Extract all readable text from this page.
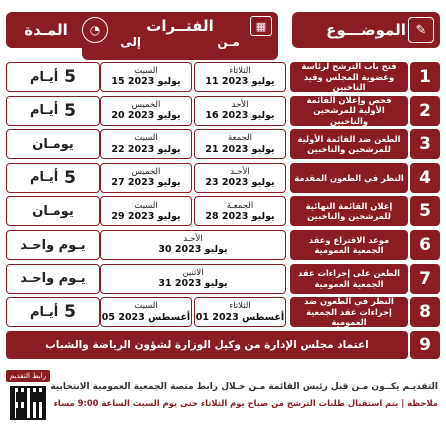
✎
الموضـــوع
▦
الفتــرات
إلى	مـن
◔
المـدة
1
فتح باب الترشح لرئاسة وعضوية المجلس وقيد الناخبين
الثلاثاء
11 يوليو 2023
السبت
15 يوليو 2023
أيـام 5
2
فحص وإعلان القائمة الأولية للمرشحين والناخبين
الأحد
16 يوليو 2023
الخميس
20 يوليو 2023
أيـام 5
3
الطعن ضد القائمة الأولية للمرشحين والناخبين
الجمعة
21 يوليو 2023
السبت
22 يوليو 2023
يومـان
4
النظر في الطعون المقدمة
الأحـد
23 يوليو 2023
الخميس
27 يوليو 2023
أيـام 5
5
إعلان القائمة النهائية للمرشحين والناخبين
الجمعـة
28 يوليو 2023
السبت
29 يوليو 2023
يومـان
6
موعد الاقتراع وعقد الجمعية العمومية
الأحـد
30 يوليو 2023
يـوم واحـد
7
الطعن على إجراءات عقد الجمعية العمومية
الاثنين
31 يوليو 2023
يـوم واحـد
8
النظر في الطعون ضد إجراءات عقد الجمعية العمومية
الثلاثاء
01 أغسطس 2023
السبت
05 أغسطس 2023
أيـام 5
9
اعتماد مجلس الإدارة من وكيل الوزارة لشؤون الرياضة والشباب
رابط التقديم
التقديـم يكــون مـن قبل رئيس القائمة مـن خـلال رابط منصة الجمعية العمومية الانتخابية
ملاحظة | يتم استقبال طلبات الترشح من صباح يوم الثلاثاء حتى يوم السبت الساعة 9:00 مساء
